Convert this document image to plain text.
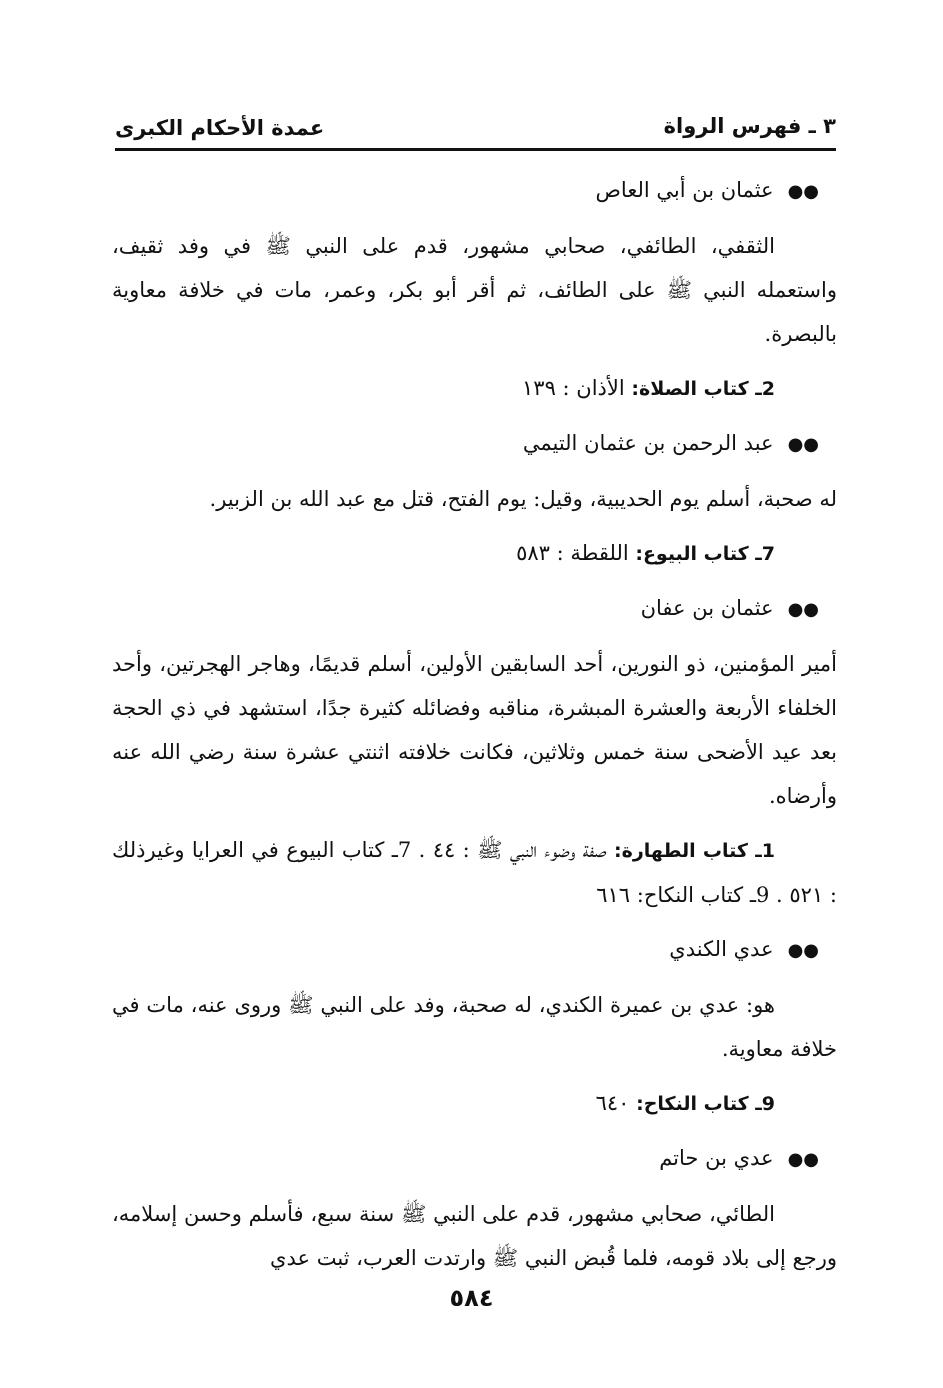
٣ ـ فهرس الرواة
عمدة الأحكام الكبرى
●●عثمان بن أبي العاص
الثقفي، الطائفي، صحابي مشهور، قدم على النبي ﷺ في وفد ثقيف، واستعمله النبي ﷺ على الطائف، ثم أقر أبو بكر، وعمر، مات في خلافة معاوية بالبصرة.
2ـ كتاب الصلاة: الأذان : ١٣٩
●●عبد الرحمن بن عثمان التيمي
له صحبة، أسلم يوم الحديبية، وقيل: يوم الفتح، قتل مع عبد الله بن الزبير.
7ـ كتاب البيوع: اللقطة : ٥٨٣
●●عثمان بن عفان
أمير المؤمنين، ذو النورين، أحد السابقين الأولين، أسلم قديمًا، وهاجر الهجرتين، وأحد الخلفاء الأربعة والعشرة المبشرة، مناقبه وفضائله كثيرة جدًا، استشهد في ذي الحجة بعد عيد الأضحى سنة خمس وثلاثين، فكانت خلافته اثنتي عشرة سنة رضي الله عنه وأرضاه.
1ـ كتاب الطهارة: صفة وضوء النبي ﷺ : ٤٤ . 7ـ كتاب البيوع في العرايا وغيرذلك : ٥٢١ . 9ـ كتاب النكاح: ٦١٦
●●عدي الكندي
هو: عدي بن عميرة الكندي، له صحبة، وفد على النبي ﷺ وروى عنه، مات في خلافة معاوية.
9ـ كتاب النكاح: ٦٤٠
●●عدي بن حاتم
الطائي، صحابي مشهور، قدم على النبي ﷺ سنة سبع، فأسلم وحسن إسلامه، ورجع إلى بلاد قومه، فلما قُبض النبي ﷺ وارتدت العرب، ثبت عدي
٥٨٤
